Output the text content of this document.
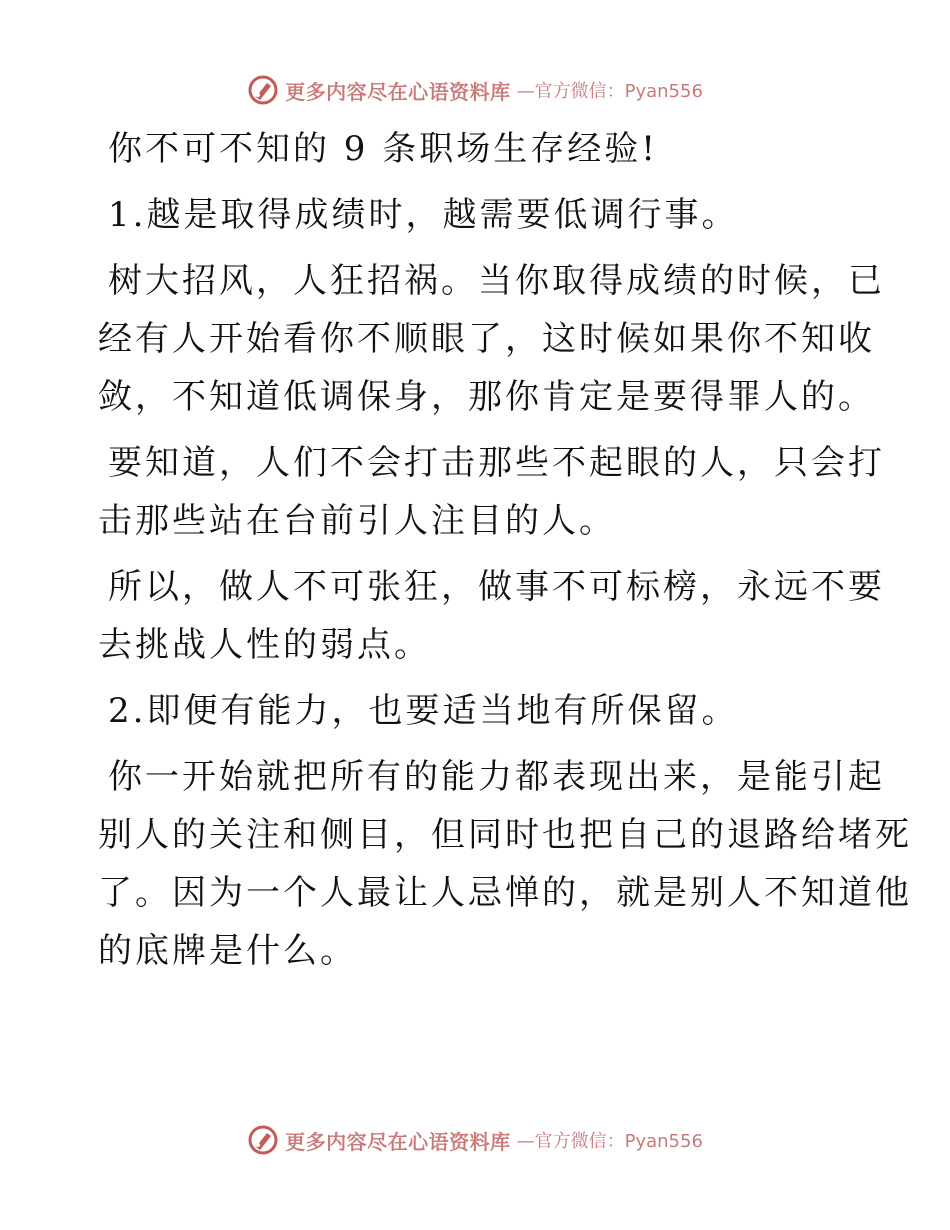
更多内容尽在心语资料库 —官方微信：Pyan556
你不可不知的 9 条职场生存经验!
1.越是取得成绩时，越需要低调行事。
树大招风，人狂招祸。当你取得成绩的时候，已
经有人开始看你不顺眼了，这时候如果你不知收
敛，不知道低调保身，那你肯定是要得罪人的。
要知道，人们不会打击那些不起眼的人，只会打
击那些站在台前引人注目的人。
所以，做人不可张狂，做事不可标榜，永远不要
去挑战人性的弱点。
2.即便有能力，也要适当地有所保留。
你一开始就把所有的能力都表现出来，是能引起
别人的关注和侧目，但同时也把自己的退路给堵死
了。因为一个人最让人忌惮的，就是别人不知道他
的底牌是什么。
更多内容尽在心语资料库 —官方微信：Pyan556
